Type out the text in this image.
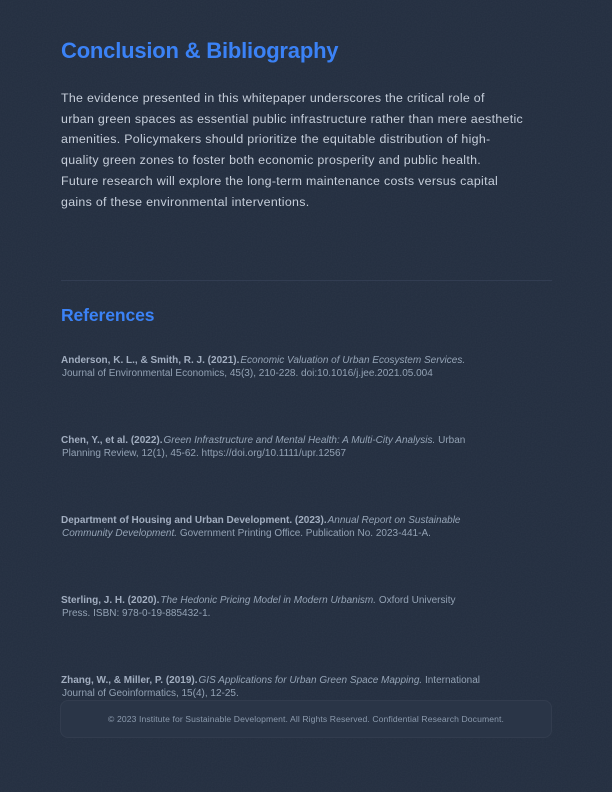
Conclusion & Bibliography
The evidence presented in this whitepaper underscores the critical role of
urban green spaces as essential public infrastructure rather than mere aesthetic
amenities. Policymakers should prioritize the equitable distribution of high-
quality green zones to foster both economic prosperity and public health.
Future research will explore the long-term maintenance costs versus capital
gains of these environmental interventions.
References
Anderson, K. L., & Smith, R. J. (2021).Economic Valuation of Urban Ecosystem Services.
Journal of Environmental Economics, 45(3), 210-228. doi:10.1016/j.jee.2021.05.004
Chen, Y., et al. (2022).Green Infrastructure and Mental Health: A Multi-City Analysis. Urban
Planning Review, 12(1), 45-62. https://doi.org/10.1111/upr.12567
Department of Housing and Urban Development. (2023).Annual Report on Sustainable
Community Development. Government Printing Office. Publication No. 2023-441-A.
Sterling, J. H. (2020).The Hedonic Pricing Model in Modern Urbanism. Oxford University
Press. ISBN: 978-0-19-885432-1.
Zhang, W., & Miller, P. (2019).GIS Applications for Urban Green Space Mapping. International
Journal of Geoinformatics, 15(4), 12-25.
© 2023 Institute for Sustainable Development. All Rights Reserved. Confidential Research Document.
